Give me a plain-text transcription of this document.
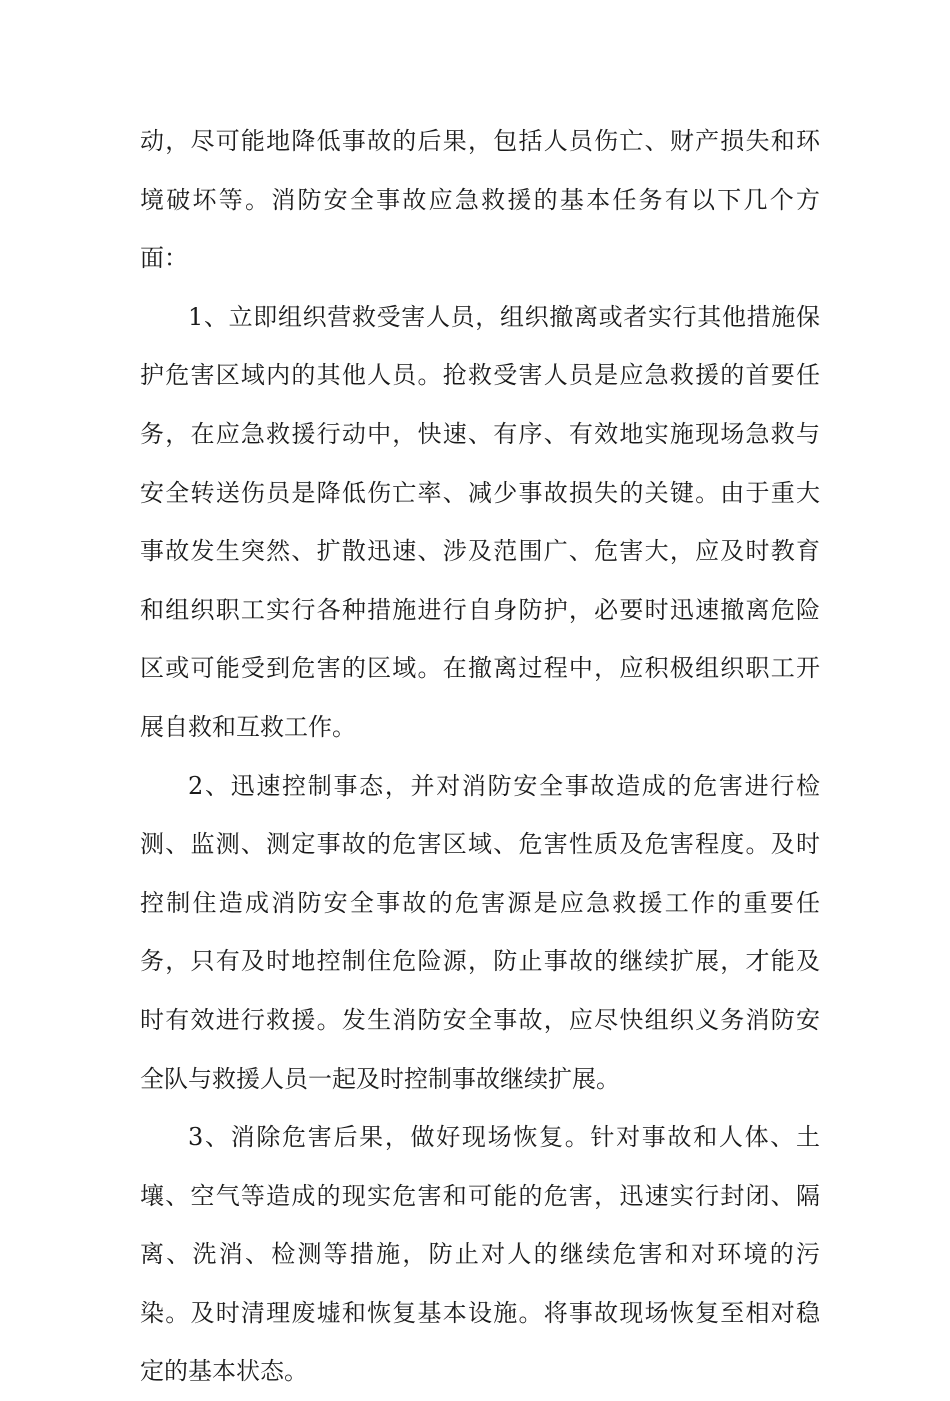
动，尽可能地降低事故的后果，包括人员伤亡、财产损失和环
境破坏等。消防安全事故应急救援的基本任务有以下几个方
面：
1、立即组织营救受害人员，组织撤离或者实行其他措施保
护危害区域内的其他人员。抢救受害人员是应急救援的首要任
务，在应急救援行动中，快速、有序、有效地实施现场急救与
安全转送伤员是降低伤亡率、减少事故损失的关键。由于重大
事故发生突然、扩散迅速、涉及范围广、危害大，应及时教育
和组织职工实行各种措施进行自身防护，必要时迅速撤离危险
区或可能受到危害的区域。在撤离过程中，应积极组织职工开
展自救和互救工作。
2、迅速控制事态，并对消防安全事故造成的危害进行检
测、监测、测定事故的危害区域、危害性质及危害程度。及时
控制住造成消防安全事故的危害源是应急救援工作的重要任
务，只有及时地控制住危险源，防止事故的继续扩展，才能及
时有效进行救援。发生消防安全事故，应尽快组织义务消防安
全队与救援人员一起及时控制事故继续扩展。
3、消除危害后果，做好现场恢复。针对事故和人体、土
壤、空气等造成的现实危害和可能的危害，迅速实行封闭、隔
离、洗消、检测等措施，防止对人的继续危害和对环境的污
染。及时清理废墟和恢复基本设施。将事故现场恢复至相对稳
定的基本状态。
